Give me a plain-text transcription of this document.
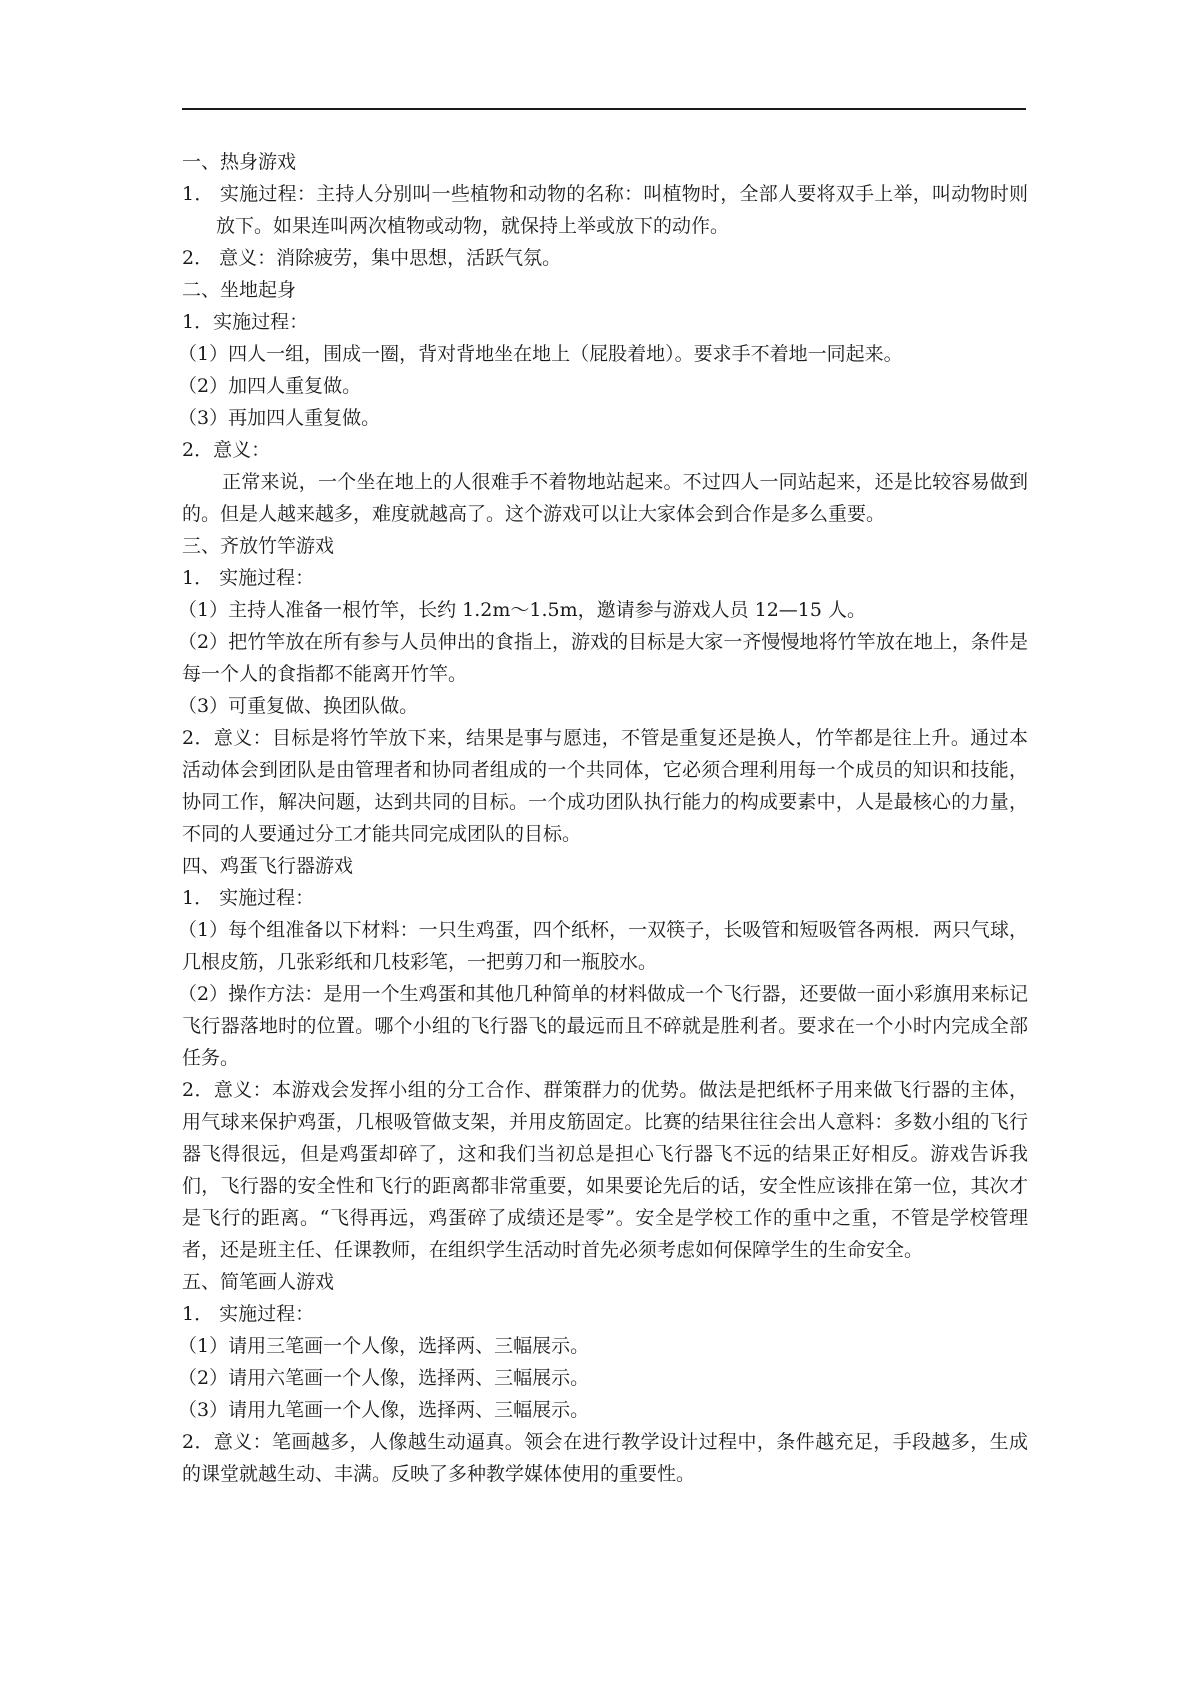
一、热身游戏

1． 实施过程：主持人分别叫一些植物和动物的名称：叫植物时，全部人要将双手上举，叫动物时则放下。如果连叫两次植物或动物，就保持上举或放下的动作。

2． 意义：消除疲劳，集中思想，活跃气氛。

二、坐地起身

1．实施过程：

（1）四人一组，围成一圈，背对背地坐在地上（屁股着地）。要求手不着地一同起来。

（2）加四人重复做。

（3）再加四人重复做。

2．意义：

正常来说，一个坐在地上的人很难手不着物地站起来。不过四人一同站起来，还是比较容易做到的。但是人越来越多，难度就越高了。这个游戏可以让大家体会到合作是多么重要。

三、齐放竹竿游戏

1． 实施过程：

（1）主持人准备一根竹竿，长约 1.2m～1.5m，邀请参与游戏人员 12—15 人。

（2）把竹竿放在所有参与人员伸出的食指上，游戏的目标是大家一齐慢慢地将竹竿放在地上，条件是每一个人的食指都不能离开竹竿。

（3）可重复做、换团队做。

2．意义：目标是将竹竿放下来，结果是事与愿违，不管是重复还是换人，竹竿都是往上升。通过本活动体会到团队是由管理者和协同者组成的一个共同体，它必须合理利用每一个成员的知识和技能，协同工作，解决问题，达到共同的目标。一个成功团队执行能力的构成要素中，人是最核心的力量，不同的人要通过分工才能共同完成团队的目标。

四、鸡蛋飞行器游戏

1． 实施过程：

（1）每个组准备以下材料：一只生鸡蛋，四个纸杯，一双筷子，长吸管和短吸管各两根．两只气球，几根皮筋，几张彩纸和几枝彩笔，一把剪刀和一瓶胶水。

（2）操作方法：是用一个生鸡蛋和其他几种简单的材料做成一个飞行器，还要做一面小彩旗用来标记飞行器落地时的位置。哪个小组的飞行器飞的最远而且不碎就是胜利者。要求在一个小时内完成全部任务。

2．意义：本游戏会发挥小组的分工合作、群策群力的优势。做法是把纸杯子用来做飞行器的主体，用气球来保护鸡蛋，几根吸管做支架，并用皮筋固定。比赛的结果往往会出人意料：多数小组的飞行器飞得很远，但是鸡蛋却碎了，这和我们当初总是担心飞行器飞不远的结果正好相反。游戏告诉我们，飞行器的安全性和飞行的距离都非常重要，如果要论先后的话，安全性应该排在第一位，其次才是飞行的距离。“飞得再远，鸡蛋碎了成绩还是零”。安全是学校工作的重中之重，不管是学校管理者，还是班主任、任课教师，在组织学生活动时首先必须考虑如何保障学生的生命安全。

五、简笔画人游戏

1． 实施过程：

（1）请用三笔画一个人像，选择两、三幅展示。

（2）请用六笔画一个人像，选择两、三幅展示。

（3）请用九笔画一个人像，选择两、三幅展示。

2．意义：笔画越多，人像越生动逼真。领会在进行教学设计过程中，条件越充足，手段越多，生成的课堂就越生动、丰满。反映了多种教学媒体使用的重要性。
